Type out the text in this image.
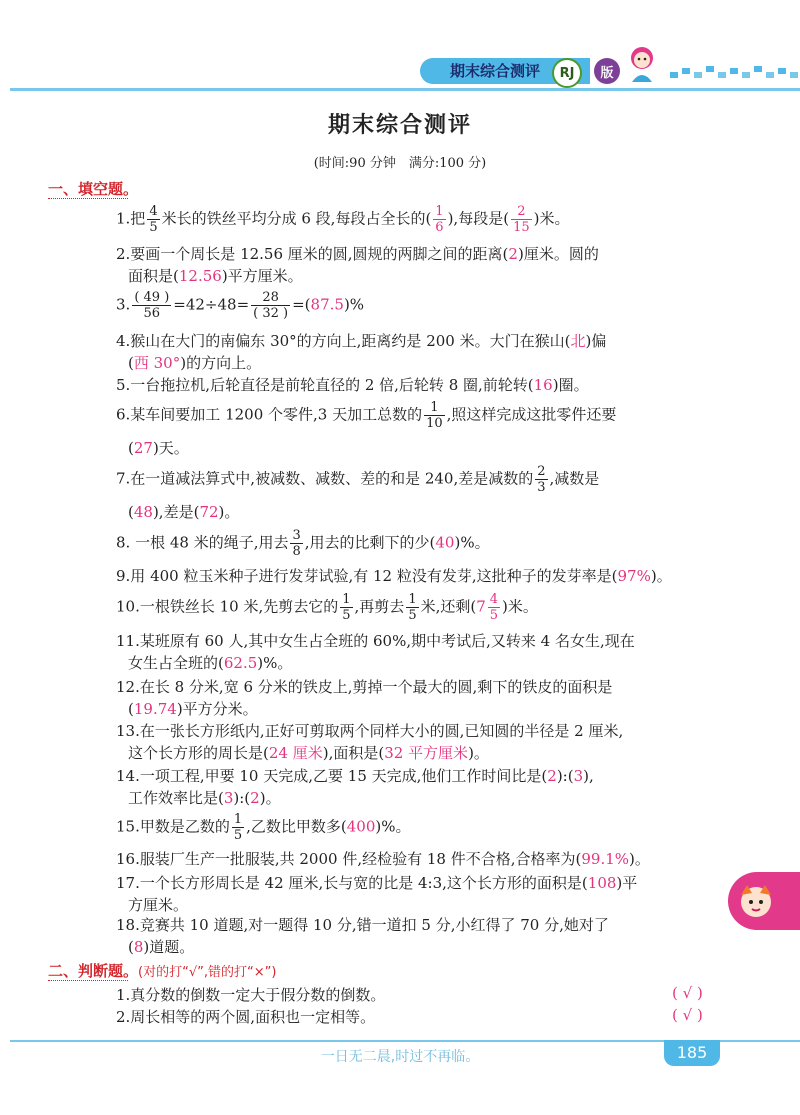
期末综合测评	RJ	版
期末综合测评
(时间:90 分钟　满分:100 分)
一、填空题。
1.把 $\frac{4}{5}$ 米长的铁丝平均分成 6 段,每段占全长的( $\frac{1}{6}$ ),每段是( $\frac{2}{15}$ )米。
2.要画一个周长是 12.56 厘米的圆,圆规的两脚之间的距离(2)厘米。圆的
面积是(12.56)平方厘米。
3. $\frac{( 49 )}{56} =42\div 48= \frac{28}{( 32 )} =(87.5)\%$
4.猴山在大门的南偏东 30°的方向上,距离约是 200 米。大门在猴山(北)偏
(西 30°)的方向上。
5.一台拖拉机,后轮直径是前轮直径的 2 倍,后轮转 8 圈,前轮转(16)圈。
6.某车间要加工 1200 个零件,3 天加工总数的 $\frac{1}{10}$ ,照这样完成这批零件还要
(27)天。
7.在一道减法算式中,被减数、减数、差的和是 240,差是减数的 $\frac{2}{3}$ ,减数是
(48),差是(72)。
8. 一根 48 米的绳子,用去 $\frac{3}{8}$ ,用去的比剩下的少(40)%。
9.用 400 粒玉米种子进行发芽试验,有 12 粒没有发芽,这批种子的发芽率是(97%)。
10.一根铁丝长 10 米,先剪去它的 $\frac{1}{5}$ ,再剪去 $\frac{1}{5}$ 米,还剩($7 \frac{4}{5}$ )米。
11.某班原有 60 人,其中女生占全班的 60%,期中考试后,又转来 4 名女生,现在
女生占全班的(62.5)%。
12.在长 8 分米,宽 6 分米的铁皮上,剪掉一个最大的圆,剩下的铁皮的面积是
(19.74)平方分米。
13.在一张长方形纸内,正好可剪取两个同样大小的圆,已知圆的半径是 2 厘米,
这个长方形的周长是(24 厘米),面积是(32 平方厘米)。
14.一项工程,甲要 10 天完成,乙要 15 天完成,他们工作时间比是(2):(3),
工作效率比是(3):(2)。
15.甲数是乙数的 $\frac{1}{5}$ ,乙数比甲数多(400)%。
16.服装厂生产一批服装,共 2000 件,经检验有 18 件不合格,合格率为(99.1%)。
17.一个长方形周长是 42 厘米,长与宽的比是 4:3,这个长方形的面积是(108)平
方厘米。
18.竞赛共 10 道题,对一题得 10 分,错一道扣 5 分,小红得了 70 分,她对了
(8)道题。
二、判断题。(对的打“√”,错的打“×”)
1.真分数的倒数一定大于假分数的倒数。	( √ )
2.周长相等的两个圆,面积也一定相等。	( √ )
一日无二晨,时过不再临。	185
